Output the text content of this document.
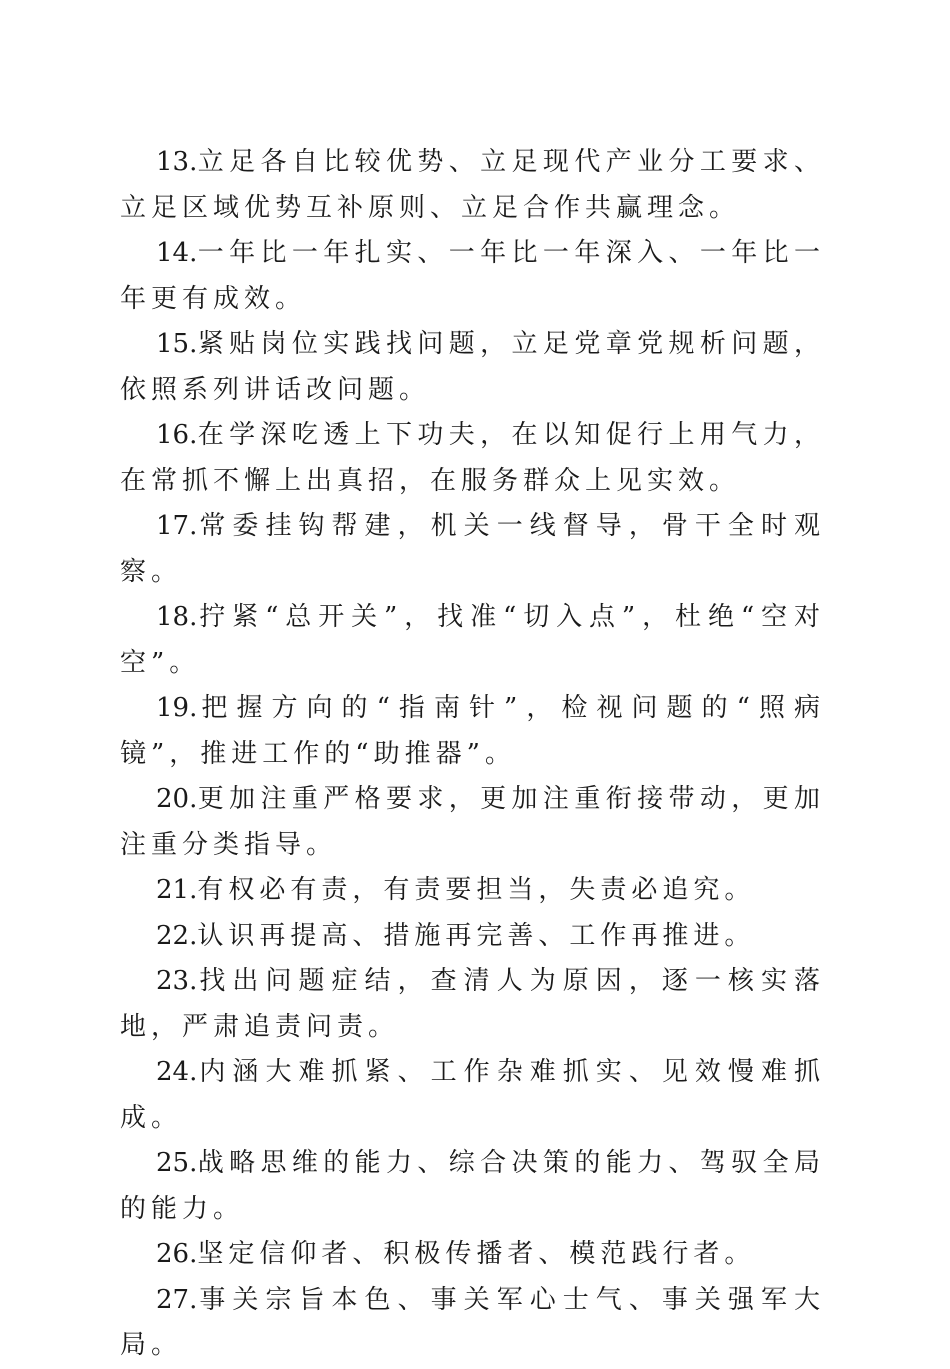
13.立足各自比较优势、立足现代产业分工要求、立足区域优势互补原则、立足合作共赢理念。

14.一年比一年扎实、一年比一年深入、一年比一年更有成效。

15.紧贴岗位实践找问题，立足党章党规析问题，依照系列讲话改问题。

16.在学深吃透上下功夫，在以知促行上用气力，在常抓不懈上出真招，在服务群众上见实效。

17.常委挂钩帮建，机关一线督导，骨干全时观察。

18.拧紧“总开关”，找准“切入点”，杜绝“空对空”。

19.把握方向的“指南针”，检视问题的“照病镜”，推进工作的“助推器”。

20.更加注重严格要求，更加注重衔接带动，更加注重分类指导。

21.有权必有责，有责要担当，失责必追究。

22.认识再提高、措施再完善、工作再推进。

23.找出问题症结，查清人为原因，逐一核实落地，严肃追责问责。

24.内涵大难抓紧、工作杂难抓实、见效慢难抓成。

25.战略思维的能力、综合决策的能力、驾驭全局的能力。

26.坚定信仰者、积极传播者、模范践行者。

27.事关宗旨本色、事关军心士气、事关强军大局。
